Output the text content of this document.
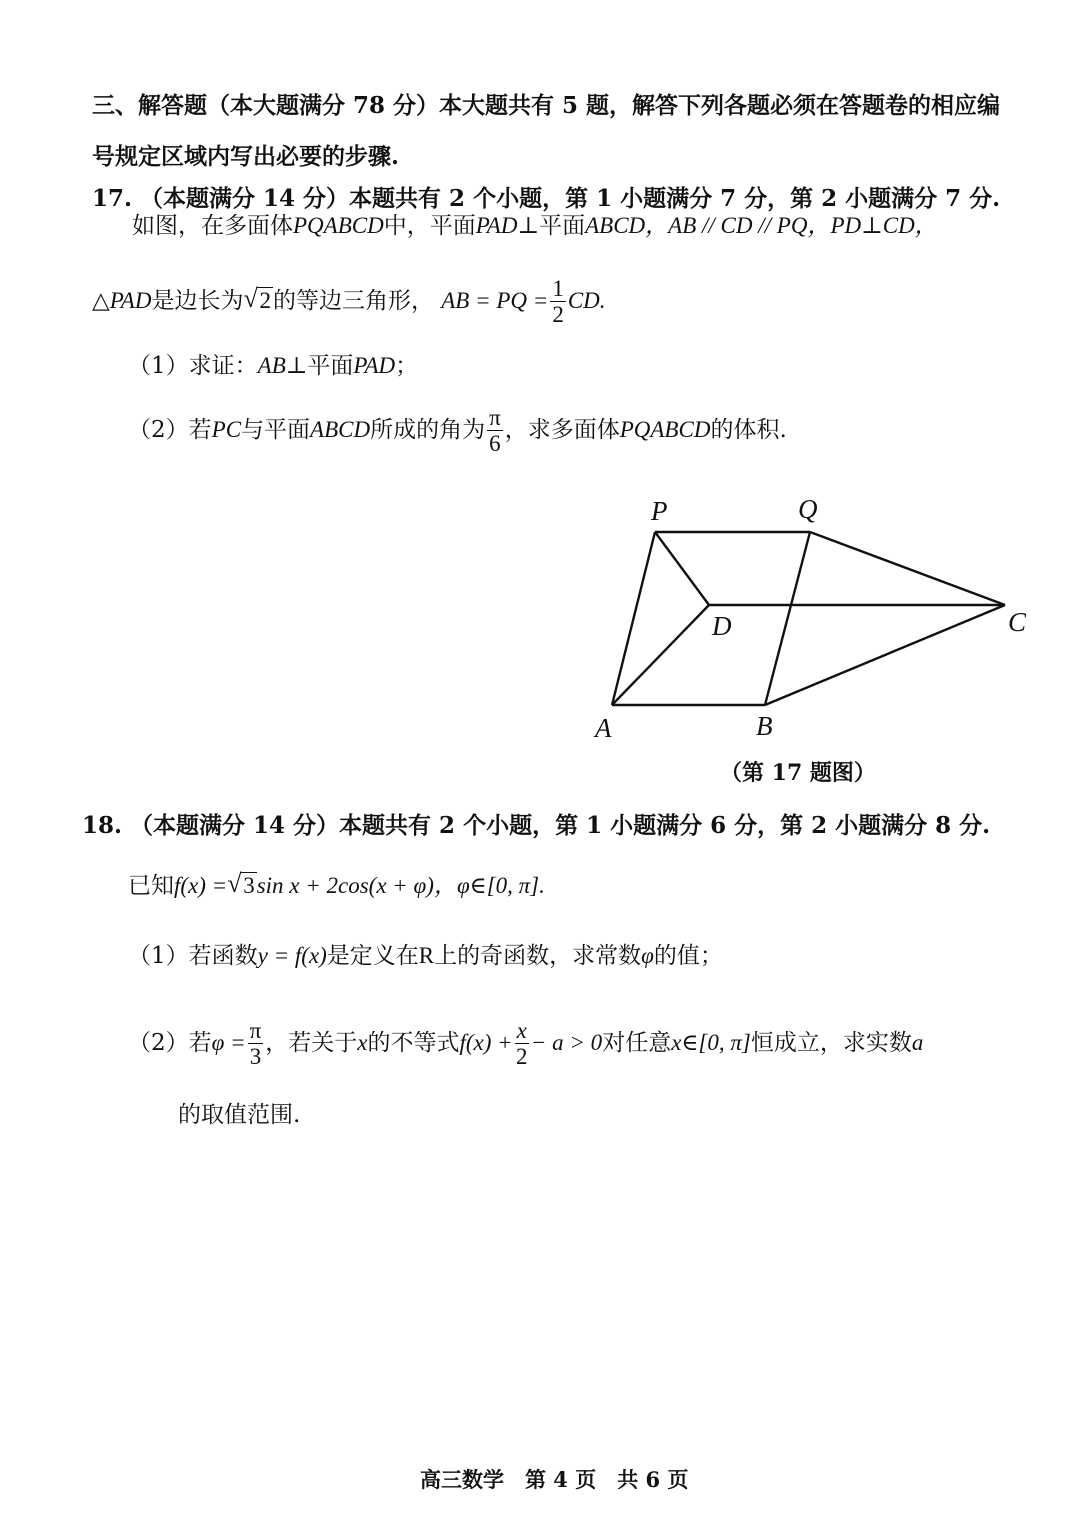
三、解答题（本大题满分 78 分）本大题共有 5 题，解答下列各题必须在答题卷的相应编
号规定区域内写出必要的步骤.
17. （本题满分 14 分）本题共有 2 个小题，第 1 小题满分 7 分，第 2 小题满分 7 分.
如图，在多面体PQABCD中，平面PAD⊥平面ABCD，AB // CD // PQ，PD⊥CD，
△PAD是边长为 √ 2的等边三角形， AB = PQ = $\frac{1}{2}$ CD.
（1）求证：AB⊥平面PAD；
（2）若PC与平面ABCD所成的角为 $\frac{\pi}{6}$ ，求多面体PQABCD的体积.
P	Q
D	C
A	B
（第 17 题图）
18. （本题满分 14 分）本题共有 2 个小题，第 1 小题满分 6 分，第 2 小题满分 8 分.
已知f(x) = √ 3sin x + 2cos(x + φ)，φ∈[0, π].
（1）若函数y = f(x)是定义在R上的奇函数，求常数φ的值；
（2）若$\varphi = \frac{\pi}{3}$ ，若关于x的不等式$f(x) + \frac{x}{2} - a > 0$对任意x∈[0, π]恒成立，求实数a
的取值范围.
高三数学　第 4 页　共 6 页
